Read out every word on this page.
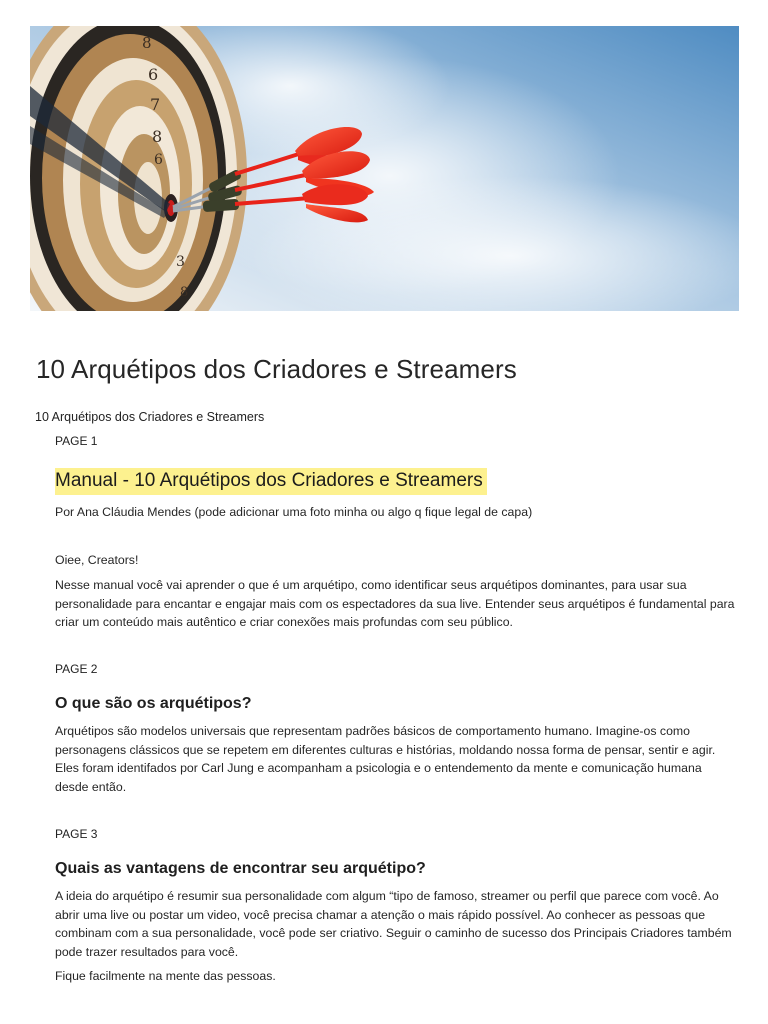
8
6
7
8
6
3
8
10 Arquétipos dos Criadores e Streamers
10 Arquétipos dos Criadores e Streamers

PAGE 1

Manual - 10 Arquétipos dos Criadores e Streamers

Por Ana Cláudia Mendes (pode adicionar uma foto minha ou algo q fique legal de capa)

Oiee, Creators!

Nesse manual você vai aprender o que é um arquétipo, como identificar seus arquétipos dominantes, para usar sua personalidade para encantar e engajar mais com os espectadores da sua live. Entender seus arquétipos é fundamental para criar um conteúdo mais autêntico e criar conexões mais profundas com seu público.

PAGE 2

O que são os arquétipos?

Arquétipos são modelos universais que representam padrões básicos de comportamento humano. Imagine-os como personagens clássicos que se repetem em diferentes culturas e histórias, moldando nossa forma de pensar, sentir e agir. Eles foram identifados por Carl Jung e acompanham a psicologia e o entendemento da mente e comunicação humana desde então.

PAGE 3

Quais as vantagens de encontrar seu arquétipo?

A ideia do arquétipo é resumir sua personalidade com algum “tipo de famoso, streamer ou perfil que parece com você. Ao abrir uma live ou postar um video, você precisa chamar a atenção o mais rápido possível. Ao conhecer as pessoas que combinam com a sua personalidade, você pode ser criativo. Seguir o caminho de sucesso dos Principais Criadores também pode trazer resultados para você.

Fique facilmente na mente das pessoas.
